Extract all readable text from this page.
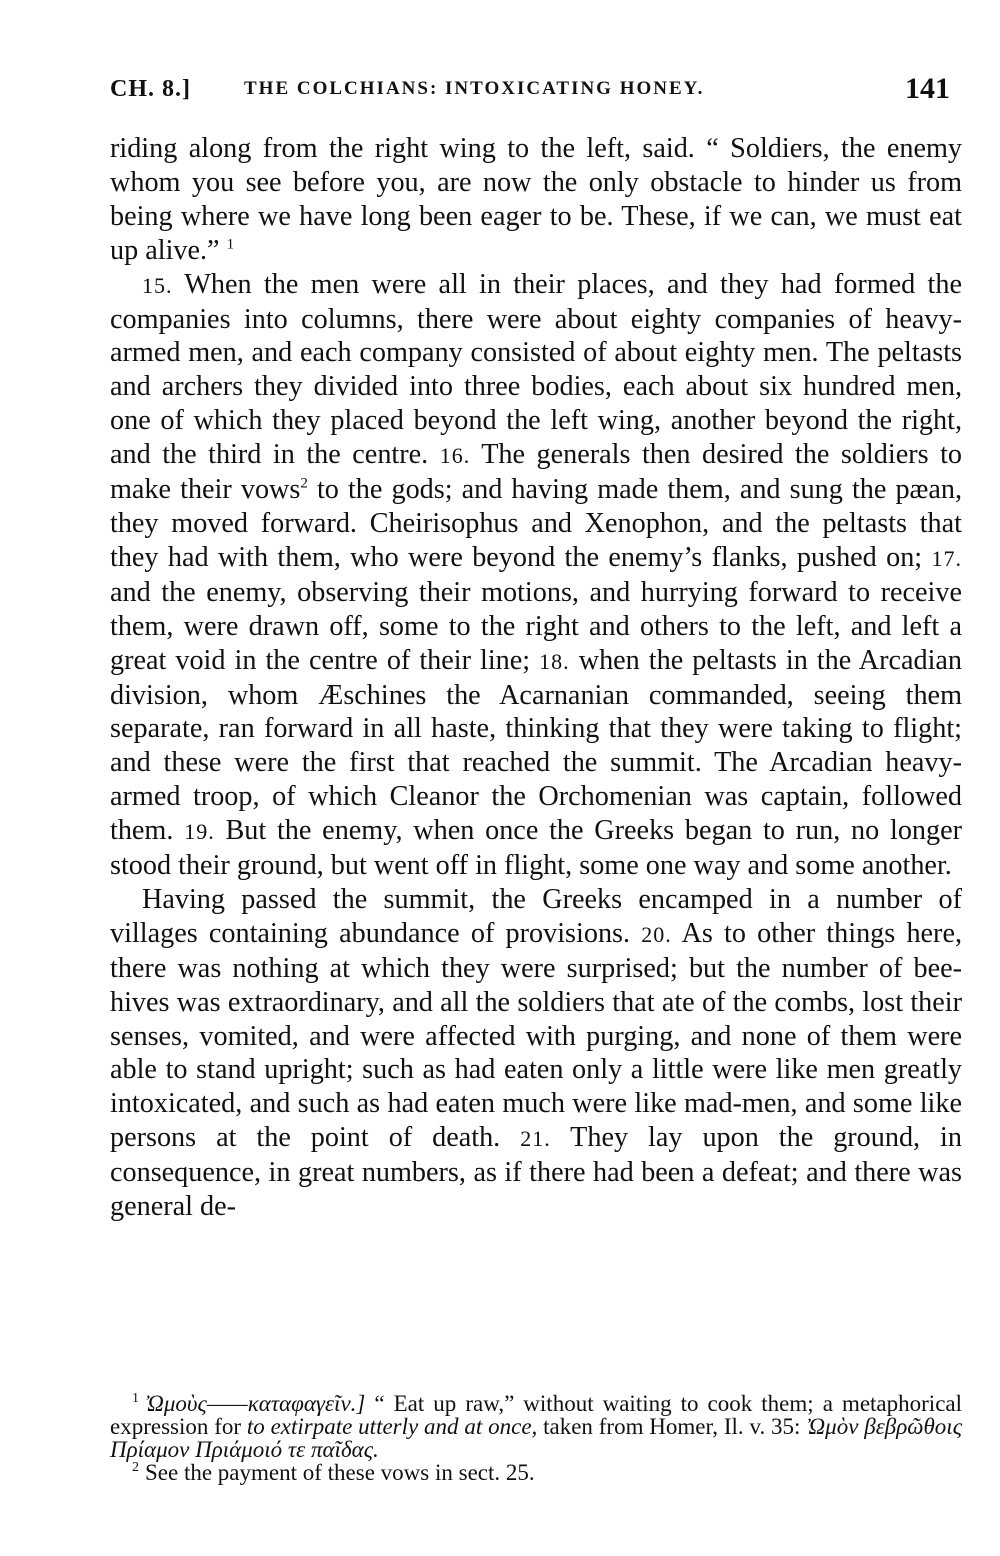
CH. 8.]	THE COLCHIANS: INTOXICATING HONEY.	141

riding along from the right wing to the left, said. “ Soldiers, the enemy whom you see before you, are now the only obstacle to hinder us from being where we have long been eager to be. These, if we can, we must eat up alive.” $^1$

15. When the men were all in their places, and they had formed the companies into columns, there were about eighty companies of heavy-armed men, and each company consisted of about eighty men. The peltasts and archers they divided into three bodies, each about six hundred men, one of which they placed beyond the left wing, another beyond the right, and the third in the centre. 16. The generals then desired the soldiers to make their vows$^2$ to the gods; and having made them, and sung the pæan, they moved forward. Cheirisophus and Xenophon, and the peltasts that they had with them, who were beyond the enemy’s flanks, pushed on; 17. and the enemy, observing their motions, and hurrying forward to receive them, were drawn off, some to the right and others to the left, and left a great void in the centre of their line; 18. when the peltasts in the Arcadian division, whom Æschines the Acarnanian commanded, seeing them separate, ran forward in all haste, thinking that they were taking to flight; and these were the first that reached the summit. The Arcadian heavy-armed troop, of which Cleanor the Orchomenian was captain, followed them. 19. But the enemy, when once the Greeks began to run, no longer stood their ground, but went off in flight, some one way and some another.

Having passed the summit, the Greeks encamped in a number of villages containing abundance of provisions. 20. As to other things here, there was nothing at which they were surprised; but the number of bee-hives was extraordinary, and all the soldiers that ate of the combs, lost their senses, vomited, and were affected with purging, and none of them were able to stand upright; such as had eaten only a little were like men greatly intoxicated, and such as had eaten much were like mad-men, and some like persons at the point of death. 21. They lay upon the ground, in consequence, in great numbers, as if there had been a defeat; and there was general de-

$^1$ Ὠμοὺς——καταφαγεῖν.] “ Eat up raw,” without waiting to cook them; a metaphorical expression for to extirpate utterly and at once, taken from Homer, Il. v. 35: Ὠμὸν βεβρῶθοις Πρίαμον Πριάμοιό τε παῖδας.

$^2$ See the payment of these vows in sect. 25.
